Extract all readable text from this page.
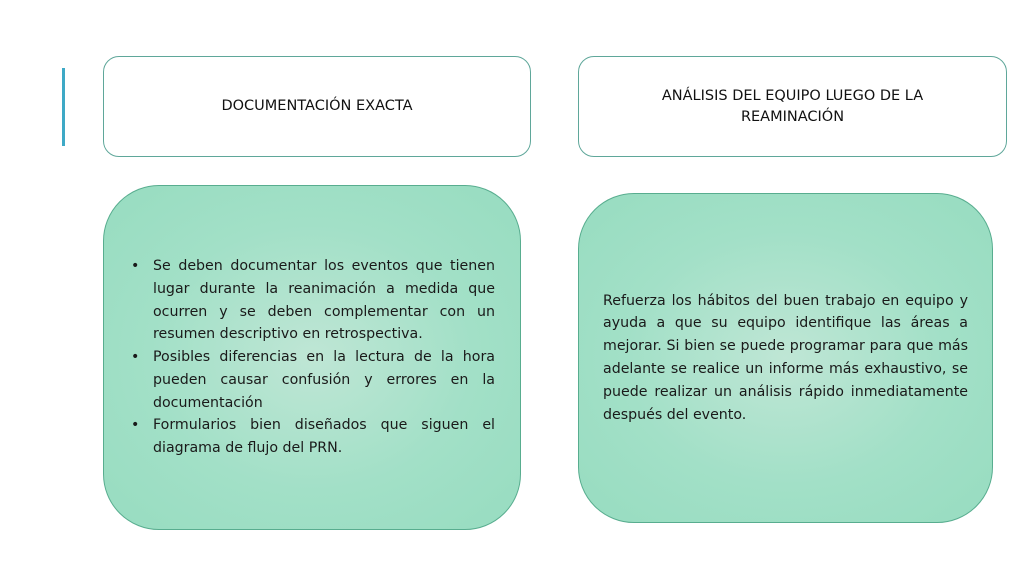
DOCUMENTACIÓN EXACTA
ANÁLISIS DEL EQUIPO LUEGO DE LA REAMINACIÓN
• Se deben documentar los eventos que tienen lugar durante la reanimación a medida que ocurren y se deben complementar con un resumen descriptivo en retrospectiva.
• Posibles diferencias en la lectura de la hora pueden causar confusión y errores en la documentación
• Formularios bien diseñados que siguen el diagrama de flujo del PRN.

Refuerza los hábitos del buen trabajo en equipo y ayuda a que su equipo identifique las áreas a mejorar. Si bien se puede programar para que más adelante se realice un informe más exhaustivo, se puede realizar un análisis rápido inmediatamente después del evento.
